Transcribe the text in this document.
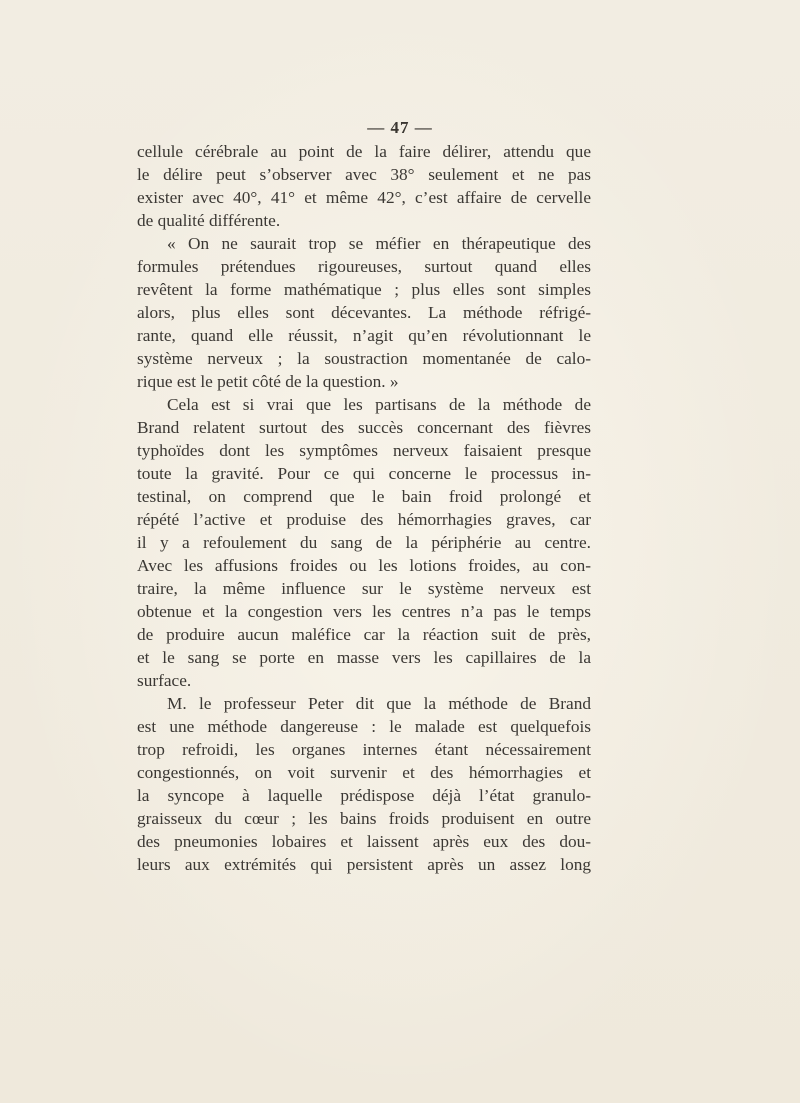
— 47 —
cellule cérébrale au point de la faire délirer, attendu que
le délire peut s’observer avec 38° seulement et ne pas
exister avec 40°, 41° et même 42°, c’est affaire de cervelle
de qualité différente.
« On ne saurait trop se méfier en thérapeutique des
formules prétendues rigoureuses, surtout quand elles
revêtent la forme mathématique ; plus elles sont simples
alors, plus elles sont décevantes. La méthode réfrigé-
rante, quand elle réussit, n’agit qu’en révolutionnant le
système nerveux ; la soustraction momentanée de calo-
rique est le petit côté de la question. »
Cela est si vrai que les partisans de la méthode de
Brand relatent surtout des succès concernant des fièvres
typhoïdes dont les symptômes nerveux faisaient presque
toute la gravité. Pour ce qui concerne le processus in-
testinal, on comprend que le bain froid prolongé et
répété l’active et produise des hémorrhagies graves, car
il y a refoulement du sang de la périphérie au centre.
Avec les affusions froides ou les lotions froides, au con-
traire, la même influence sur le système nerveux est
obtenue et la congestion vers les centres n’a pas le temps
de produire aucun maléfice car la réaction suit de près,
et le sang se porte en masse vers les capillaires de la
surface.
M. le professeur Peter dit que la méthode de Brand
est une méthode dangereuse : le malade est quelquefois
trop refroidi, les organes internes étant nécessairement
congestionnés, on voit survenir et des hémorrhagies et
la syncope à laquelle prédispose déjà l’état granulo-
graisseux du cœur ; les bains froids produisent en outre
des pneumonies lobaires et laissent après eux des dou-
leurs aux extrémités qui persistent après un assez long
